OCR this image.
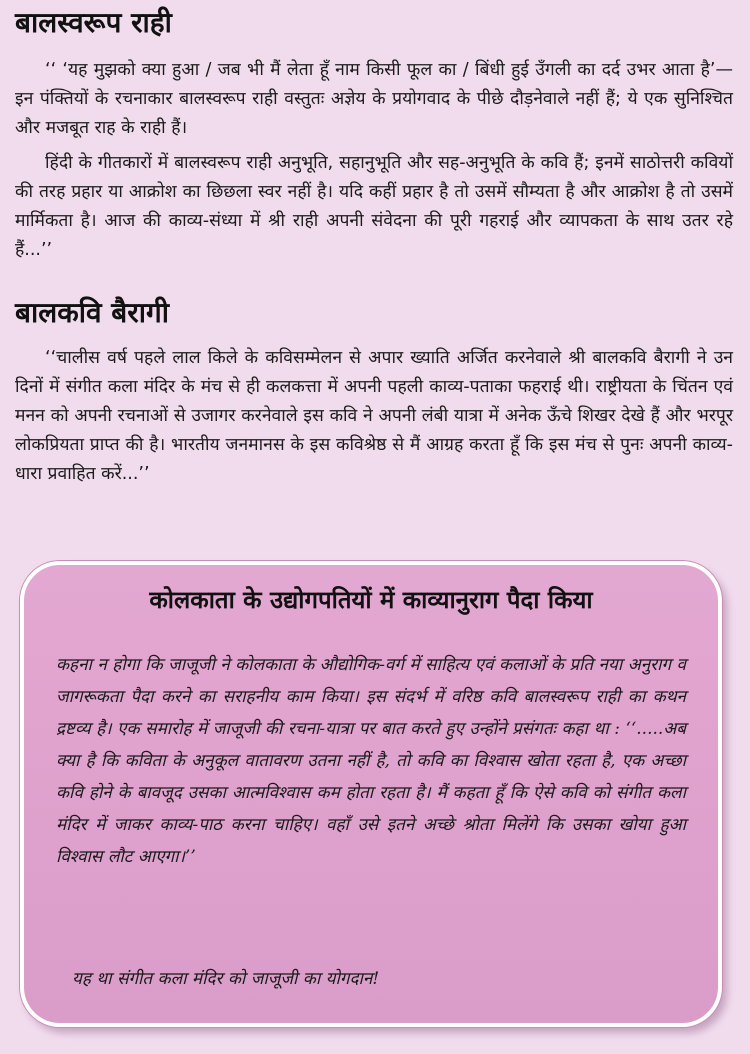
बालस्वरूप राही

‘‘ ‘यह मुझको क्या हुआ / जब भी मैं लेता हूँ नाम किसी फूल का / बिंधी हुई उँगली का दर्द उभर आता है’—इन पंक्तियों के रचनाकार बालस्वरूप राही वस्तुतः अज्ञेय के प्रयोगवाद के पीछे दौड़नेवाले नहीं हैं; ये एक सुनिश्चित और मजबूत राह के राही हैं।

हिंदी के गीतकारों में बालस्वरूप राही अनुभूति, सहानुभूति और सह-अनुभूति के कवि हैं; इनमें साठोत्तरी कवियों की तरह प्रहार या आक्रोश का छिछला स्वर नहीं है। यदि कहीं प्रहार है तो उसमें सौम्यता है और आक्रोश है तो उसमें मार्मिकता है। आज की काव्य-संध्या में श्री राही अपनी संवेदना की पूरी गहराई और व्यापकता के साथ उतर रहे हैं...’’

बालकवि बैरागी

‘‘चालीस वर्ष पहले लाल किले के कविसम्मेलन से अपार ख्याति अर्जित करनेवाले श्री बालकवि बैरागी ने उन दिनों में संगीत कला मंदिर के मंच से ही कलकत्ता में अपनी पहली काव्य-पताका फहराई थी। राष्ट्रीयता के चिंतन एवं मनन को अपनी रचनाओं से उजागर करनेवाले इस कवि ने अपनी लंबी यात्रा में अनेक ऊँचे शिखर देखे हैं और भरपूर लोकप्रियता प्राप्त की है। भारतीय जनमानस के इस कविश्रेष्ठ से मैं आग्रह करता हूँ कि इस मंच से पुनः अपनी काव्य-धारा प्रवाहित करें...’’

कोलकाता के उद्योगपतियों में काव्यानुराग पैदा किया

कहना न होगा कि जाजूजी ने कोलकाता के औद्योगिक-वर्ग में साहित्य एवं कलाओं के प्रति नया अनुराग व जागरूकता पैदा करने का सराहनीय काम किया। इस संदर्भ में वरिष्ठ कवि बालस्वरूप राही का कथन द्रष्टव्य है। एक समारोह में जाजूजी की रचना-यात्रा पर बात करते हुए उन्होंने प्रसंगतः कहा था : ‘‘.....अब क्या है कि कविता के अनुकूल वातावरण उतना नहीं है, तो कवि का विश्वास खोता रहता है, एक अच्छा कवि होने के बावजूद उसका आत्मविश्वास कम होता रहता है। मैं कहता हूँ कि ऐसे कवि को संगीत कला मंदिर में जाकर काव्य-पाठ करना चाहिए। वहाँ उसे इतने अच्छे श्रोता मिलेंगे कि उसका खोया हुआ विश्वास लौट आएगा।’’

यह था संगीत कला मंदिर को जाजूजी का योगदान!
